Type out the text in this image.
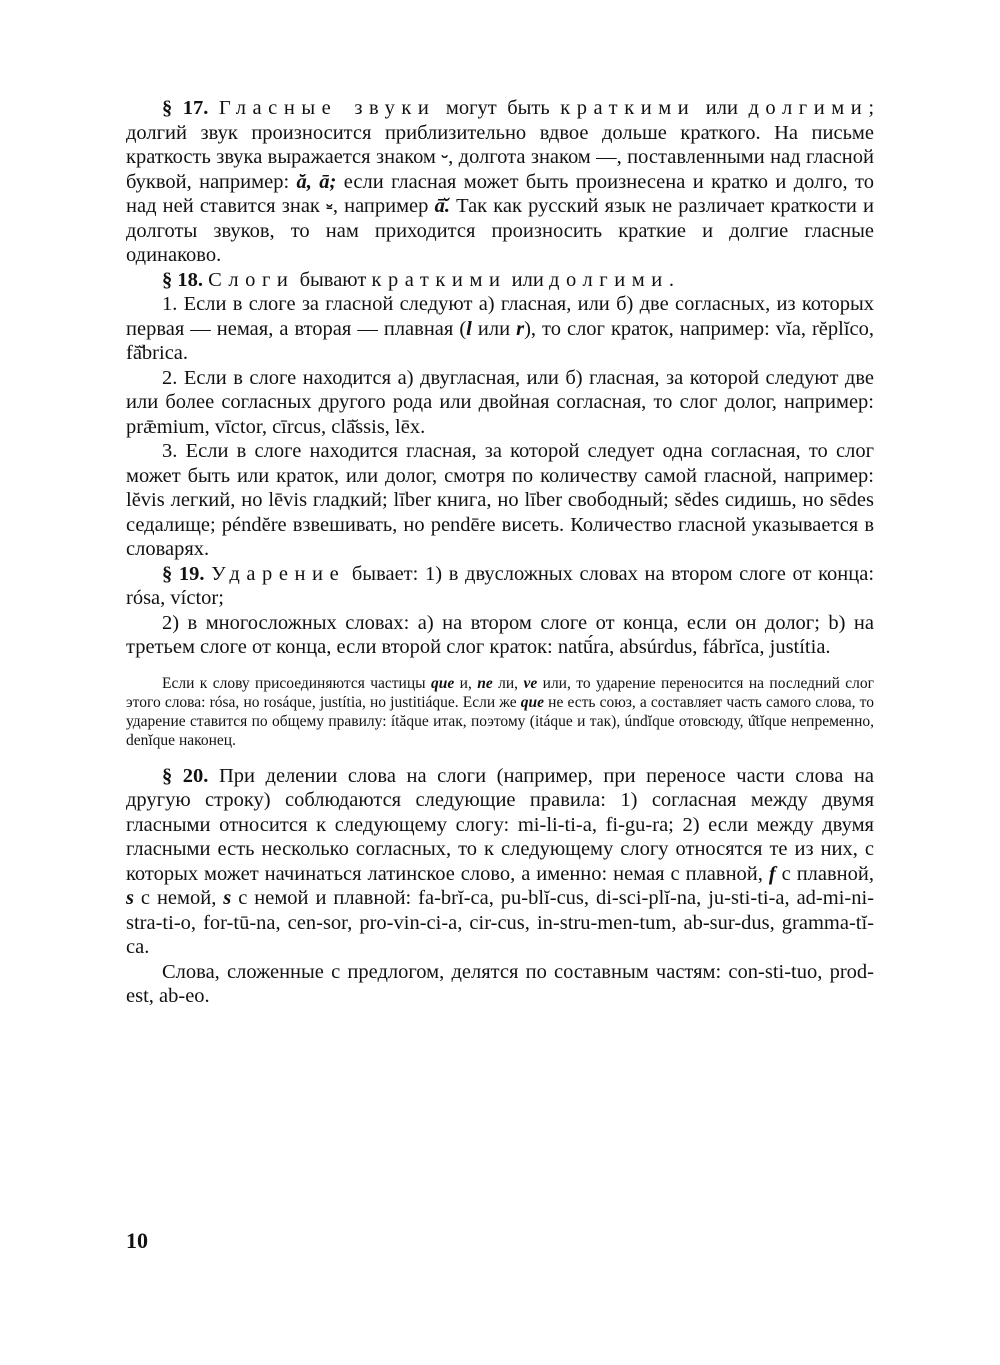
§ 17. Гласные звуки могут быть краткими или долгими; долгий звук произносится приблизительно вдвое дольше краткого. На письме краткость звука выражается знаком ⏑, долгота знаком —, поставленными над гласной буквой, например: ă, ā; если гласная может быть произнесена и кратко и долго, то над ней ставится знак ⏓, например ā̆. Так как русский язык не различает краткости и долготы звуков, то нам приходится произносить краткие и долгие гласные одинаково.

§ 18. Слоги бывают краткими или долгими.

1. Если в слоге за гласной следуют а) гласная, или б) две согласных, из которых первая — немая, а вторая — плавная (l или r), то слог краток, например: vĭa, rĕplĭco, fă̆brica.

2. Если в слоге находится а) двугласная, или б) гласная, за которой следуют две или более согласных другого рода или двойная согласная, то слог долог, например: prǣmium, vīctor, cīrcus, clā̆ssis, lēx.

3. Если в слоге находится гласная, за которой следует одна согласная, то слог может быть или краток, или долог, смотря по количеству самой гласной, например: lĕvis легкий, но lēvis гладкий; līber книга, но līber свободный; sĕdes сидишь, но sēdes седалище; péndĕre взвешивать, но pendēre висеть. Количество гласной указывается в словарях.

§ 19. Ударение бывает: 1) в двусложных словах на втором слоге от конца: rósa, víctor;

2) в многосложных словах: а) на втором слоге от конца, если он долог; b) на третьем слоге от конца, если второй слог краток: natū́ra, absúrdus, fábrĭca, justítia.

Если к слову присоединяются частицы que и, ne ли, ve или, то ударение переносится на последний слог этого слова: rósa, но rosáque, justítia, но justitiáque. Если же que не есть союз, а составляет часть самого слова, то ударение ставится по общему правилу: ítăque итак, поэтому (itáque и так), úndĭque отовсюду, ú̆tĭque непременно, denĭque наконец.

§ 20. При делении слова на слоги (например, при переносе части слова на другую строку) соблюдаются следующие правила: 1) согласная между двумя гласными относится к следующему слогу: mi-li-ti-a, fi-gu-ra; 2) если между двумя гласными есть несколько согласных, то к следующему слогу относятся те из них, с которых может начинаться латинское слово, а именно: немая с плавной, f с плавной, s с немой, s с немой и плавной: fa-brĭ-ca, pu-blĭ-cus, di-sci-plĭ-na, ju-sti-ti-a, ad-mi-ni-stra-ti-o, for-tū-na, cen-sor, pro-vin-ci-a, cir-cus, in-stru-men-tum, ab-sur-dus, gramma-tĭ-ca.

Слова, сложенные с предлогом, делятся по составным частям: con-sti-tuo, prod-est, ab-eo.

10
